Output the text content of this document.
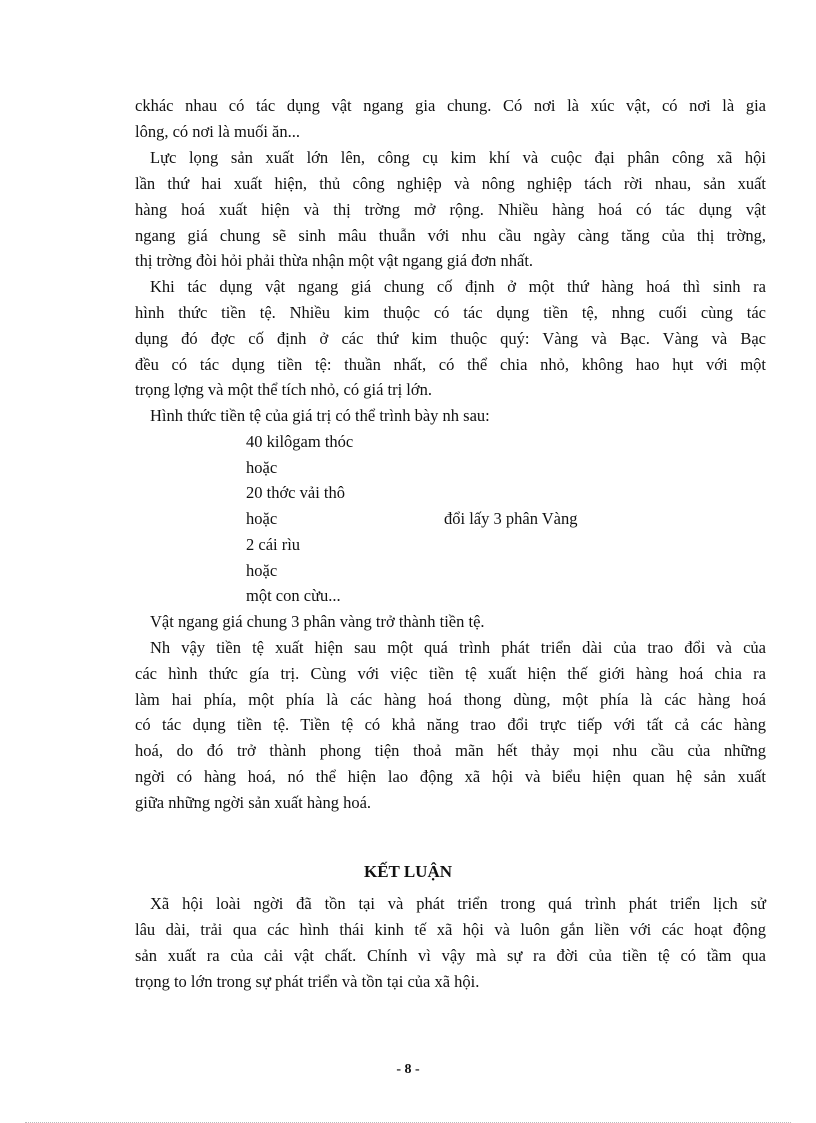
ckhác nhau có tác dụng vật ngang gia chung. Có nơi là xúc vật, có nơi là gia
lông, có nơi là muối ăn...
Lực lọng sản xuất lớn lên, công cụ kim khí và cuộc đại phân công xã hội
lần thứ hai xuất hiện, thủ công nghiệp và nông nghiệp tách rời nhau, sản xuất
hàng hoá xuất hiện và thị trờng mở rộng. Nhiều hàng hoá có tác dụng vật
ngang giá chung sẽ sinh mâu thuẫn với nhu cầu ngày càng tăng của thị trờng,
thị trờng đòi hỏi phải thừa nhận một vật ngang giá đơn nhất.
Khi tác dụng vật ngang giá chung cố định ở một thứ hàng hoá thì sinh ra
hình thức tiền tệ. Nhiều kim thuộc có tác dụng tiền tệ, nhng cuối cùng tác
dụng đó đợc cố định ở các thứ kim thuộc quý: Vàng và Bạc. Vàng và Bạc
đều có tác dụng tiền tệ: thuần nhất, có thể chia nhỏ, không hao hụt với một
trọng lợng và một thể tích nhỏ, có giá trị lớn.
Hình thức tiền tệ của giá trị có thể trình bày nh sau:
40 kilôgam thóc
hoặc
20 thớc vải thô
hoặc	đổi lấy 3 phân Vàng
2 cái rìu
hoặc
một con cừu...
Vật ngang giá chung 3 phân vàng trở thành tiền tệ.
Nh vậy tiền tệ xuất hiện sau một quá trình phát triển dài của trao đổi và của
các hình thức gía trị. Cùng với việc tiền tệ xuất hiện thế giới hàng hoá chia ra
làm hai phía, một phía là các hàng hoá thong dùng, một phía là các hàng hoá
có tác dụng tiền tệ. Tiền tệ có khả năng trao đổi trực tiếp với tất cả các hàng
hoá, do đó trở thành phong tiện thoả mãn hết thảy mọi nhu cầu của những
ngời có hàng hoá, nó thể hiện lao động xã hội và biểu hiện quan hệ sản xuất
giữa những ngời sản xuất hàng hoá.
KẾT LUẬN
Xã hội loài ngời đã tồn tại và phát triển trong quá trình phát triển lịch sử
lâu dài, trải qua các hình thái kinh tế xã hội và luôn gắn liền với các hoạt động
sản xuất ra của cải vật chất. Chính vì vậy mà sự ra đời của tiền tệ có tầm qua
trọng to lớn trong sự phát triển và tồn tại của xã hội.
- 8 -
